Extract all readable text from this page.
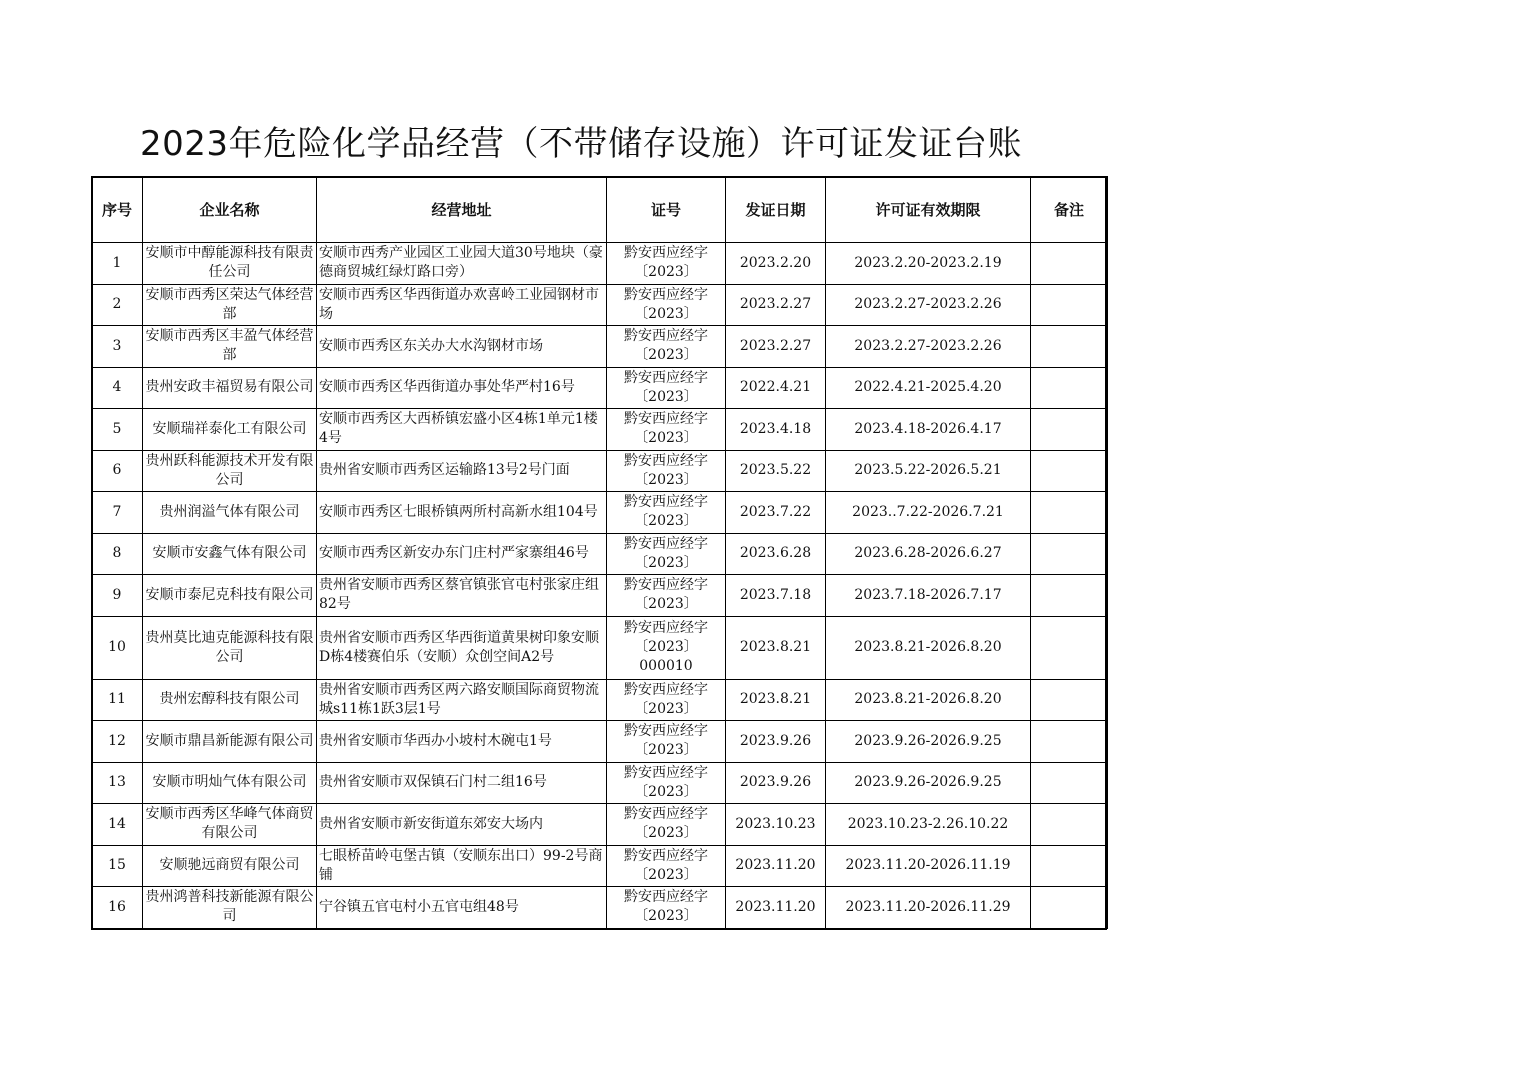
2023年危险化学品经营（不带储存设施）许可证发证台账
序号	企业名称	经营地址	证号	发证日期	许可证有效期限	备注
1	安顺市中醇能源科技有限责任公司	安顺市西秀产业园区工业园大道30号地块（豪德商贸城红绿灯路口旁）	黔安西应经字〔2023〕	2023.2.20	2023.2.20-2023.2.19	
2	安顺市西秀区荣达气体经营部	安顺市西秀区华西街道办欢喜岭工业园钢材市场	黔安西应经字〔2023〕	2023.2.27	2023.2.27-2023.2.26	
3	安顺市西秀区丰盈气体经营部	安顺市西秀区东关办大水沟钢材市场	黔安西应经字〔2023〕	2023.2.27	2023.2.27-2023.2.26	
4	贵州安政丰福贸易有限公司	安顺市西秀区华西街道办事处华严村16号	黔安西应经字〔2023〕	2022.4.21	2022.4.21-2025.4.20	
5	安顺瑞祥泰化工有限公司	安顺市西秀区大西桥镇宏盛小区4栋1单元1楼4号	黔安西应经字〔2023〕	2023.4.18	2023.4.18-2026.4.17	
6	贵州跃科能源技术开发有限公司	贵州省安顺市西秀区运输路13号2号门面	黔安西应经字〔2023〕	2023.5.22	2023.5.22-2026.5.21	
7	贵州润溢气体有限公司	安顺市西秀区七眼桥镇两所村高新水组104号	黔安西应经字〔2023〕	2023.7.22	2023..7.22-2026.7.21	
8	安顺市安鑫气体有限公司	安顺市西秀区新安办东门庄村严家寨组46号	黔安西应经字〔2023〕	2023.6.28	2023.6.28-2026.6.27	
9	安顺市泰尼克科技有限公司	贵州省安顺市西秀区蔡官镇张官屯村张家庄组82号	黔安西应经字〔2023〕	2023.7.18	2023.7.18-2026.7.17	
10	贵州莫比迪克能源科技有限公司	贵州省安顺市西秀区华西街道黄果树印象安顺D栋4楼赛伯乐（安顺）众创空间A2号	黔安西应经字〔2023〕000010	2023.8.21	2023.8.21-2026.8.20	
11	贵州宏醇科技有限公司	贵州省安顺市西秀区两六路安顺国际商贸物流城s11栋1跃3层1号	黔安西应经字〔2023〕	2023.8.21	2023.8.21-2026.8.20	
12	安顺市鼎昌新能源有限公司	贵州省安顺市华西办小坡村木碗屯1号	黔安西应经字〔2023〕	2023.9.26	2023.9.26-2026.9.25	
13	安顺市明灿气体有限公司	贵州省安顺市双保镇石门村二组16号	黔安西应经字〔2023〕	2023.9.26	2023.9.26-2026.9.25	
14	安顺市西秀区华峰气体商贸有限公司	贵州省安顺市新安街道东郊安大场内	黔安西应经字〔2023〕	2023.10.23	2023.10.23-2.26.10.22	
15	安顺驰远商贸有限公司	七眼桥苗岭屯堡古镇（安顺东出口）99-2号商铺	黔安西应经字〔2023〕	2023.11.20	2023.11.20-2026.11.19	
16	贵州鸿普科技新能源有限公司	宁谷镇五官屯村小五官屯组48号	黔安西应经字〔2023〕	2023.11.20	2023.11.20-2026.11.29	
